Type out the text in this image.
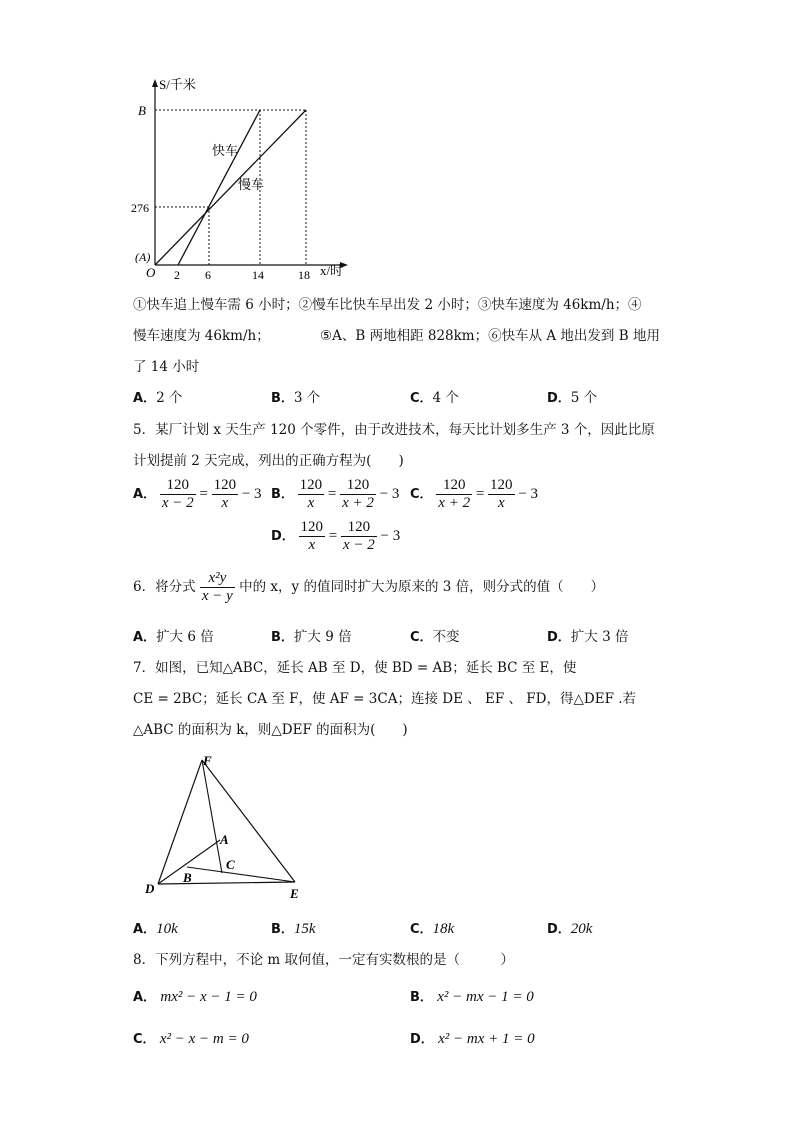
S/千米
B
276
(A)
O 2 6	14	18 x/时
快车
慢车
①快车追上慢车需 6 小时；②慢车比快车早出发 2 小时；③快车速度为 46km/h；④
慢车速度为 46km/h；	⑤A、B 两地相距 828km；⑥快车从 A 地出发到 B 地用
了 14 小时
A．2 个	B．3 个	C．4 个	D．5 个
5．某厂计划 x 天生产 120 个零件，由于改进技术，每天比计划多生产 3 个，因此比原
计划提前 2 天完成，列出的正确方程为(　　)
A． $\frac{120}{x - 2} = \frac{120}{x} - 3$ B． $\frac{120}{x} = \frac{120}{x + 2} - 3$ C． $\frac{120}{x + 2} = \frac{120}{x} - 3$
D． $\frac{120}{x} = \frac{120}{x - 2} - 3$
6．将分式 $\frac{\text{x²y}}{x - y}$ 中的 x，y 的值同时扩大为原来的 3 倍，则分式的值（　　）
A．扩大 6 倍	B．扩大 9 倍	C．不变	D．扩大 3 倍
7．如图，已知△ABC，延长 AB 至 D，使 BD = AB；延长 BC 至 E，使
CE = 2BC；延长 CA 至 F，使 AF = 3CA；连接 DE 、 EF 、 FD，得△DEF .若
△ABC 的面积为 k，则△DEF 的面积为(　　)
F
A
C
B
D	E
A．10k	B．15k	C．18k	D．20k
8．下列方程中，不论 m 取何值，一定有实数根的是（　　　）
A． mx² − x − 1 = 0	B． x² − mx − 1 = 0
C． x² − x − m = 0	D． x² − mx + 1 = 0
